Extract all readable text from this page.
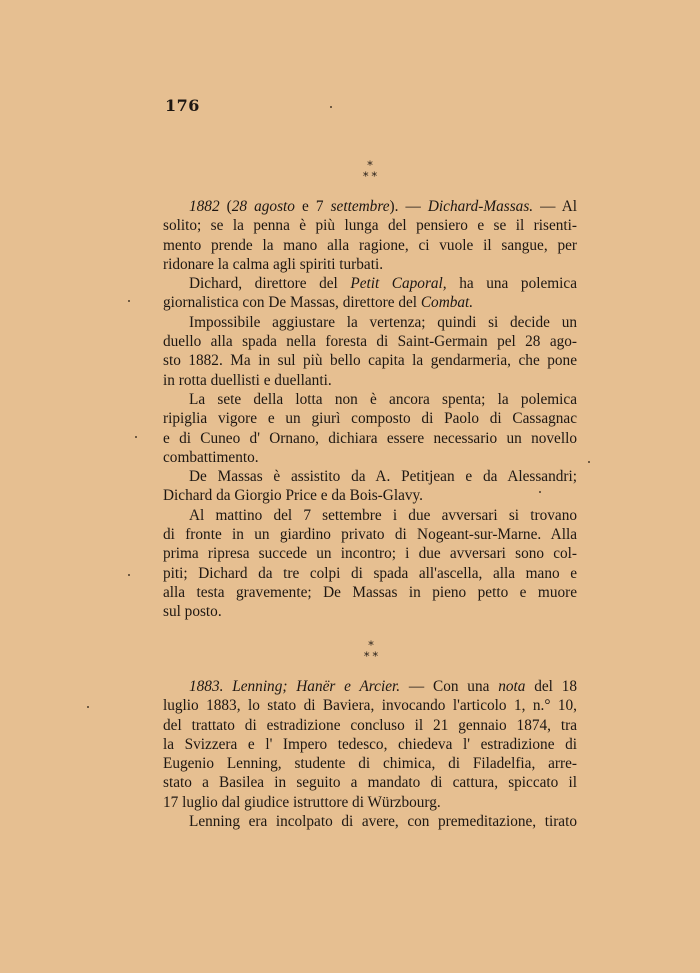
176
*
**
1882 (28 agosto e 7 settembre). — Dichard-Massas. — Al
solito; se la penna è più lunga del pensiero e se il risenti-
mento prende la mano alla ragione, ci vuole il sangue, per
ridonare la calma agli spiriti turbati.
Dichard, direttore del Petit Caporal, ha una polemica
giornalistica con De Massas, direttore del Combat.
Impossibile aggiustare la vertenza; quindi si decide un
duello alla spada nella foresta di Saint-Germain pel 28 ago-
sto 1882. Ma in sul più bello capita la gendarmeria, che pone
in rotta duellisti e duellanti.
La sete della lotta non è ancora spenta; la polemica
ripiglia vigore e un giurì composto di Paolo di Cassagnac
e di Cuneo d' Ornano, dichiara essere necessario un novello
combattimento.
De Massas è assistito da A. Petitjean e da Alessandri;
Dichard da Giorgio Price e da Bois-Glavy.
Al mattino del 7 settembre i due avversari si trovano
di fronte in un giardino privato di Nogeant-sur-Marne. Alla
prima ripresa succede un incontro; i due avversari sono col-
piti; Dichard da tre colpi di spada all'ascella, alla mano e
alla testa gravemente; De Massas in pieno petto e muore
sul posto.
*
**
1883. Lenning; Hanër e Arcier. — Con una nota del 18
luglio 1883, lo stato di Baviera, invocando l'articolo 1, n.° 10,
del trattato di estradizione concluso il 21 gennaio 1874, tra
la Svizzera e l' Impero tedesco, chiedeva l' estradizione di
Eugenio Lenning, studente di chimica, di Filadelfia, arre-
stato a Basilea in seguito a mandato di cattura, spiccato il
17 luglio dal giudice istruttore di Würzbourg.
Lenning era incolpato di avere, con premeditazione, tirato
